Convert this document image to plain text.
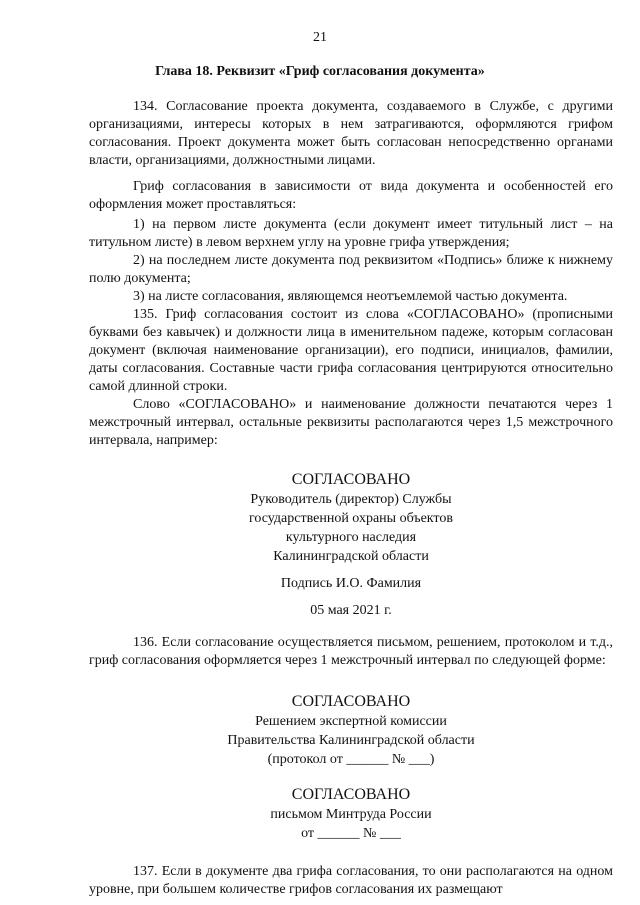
21
Глава 18. Реквизит «Гриф согласования документа»

134. Согласование проекта документа, создаваемого в Службе, с другими организациями, интересы которых в нем затрагиваются, оформляются грифом согласования. Проект документа может быть согласован непосредственно органами власти, организациями, должностными лицами.

Гриф согласования в зависимости от вида документа и особенностей его оформления может проставляться:

1) на первом листе документа (если документ имеет титульный лист – на титульном листе) в левом верхнем углу на уровне грифа утверждения;

2) на последнем листе документа под реквизитом «Подпись» ближе к нижнему полю документа;

3) на листе согласования, являющемся неотъемлемой частью документа.

135. Гриф согласования состоит из слова «СОГЛАСОВАНО» (прописными буквами без кавычек) и должности лица в именительном падеже, которым согласован документ (включая наименование организации), его подписи, инициалов, фамилии, даты согласования. Составные части грифа согласования центрируются относительно самой длинной строки.

Слово «СОГЛАСОВАНО» и наименование должности печатаются через 1 межстрочный интервал, остальные реквизиты располагаются через 1,5 межстрочного интервала, например:

СОГЛАСОВАНО
Руководитель (директор) Службы
государственной охраны объектов
культурного наследия
Калининградской области
Подпись И.О. Фамилия
05 мая 2021 г.

136. Если согласование осуществляется письмом, решением, протоколом и т.д., гриф согласования оформляется через 1 межстрочный интервал по следующей форме:

СОГЛАСОВАНО
Решением экспертной комиссии
Правительства Калининградской области
(протокол от ______ № ___)
СОГЛАСОВАНО
письмом Минтруда России
от ______ № ___

137. Если в документе два грифа согласования, то они располагаются на одном уровне, при большем количестве грифов согласования их размещают
